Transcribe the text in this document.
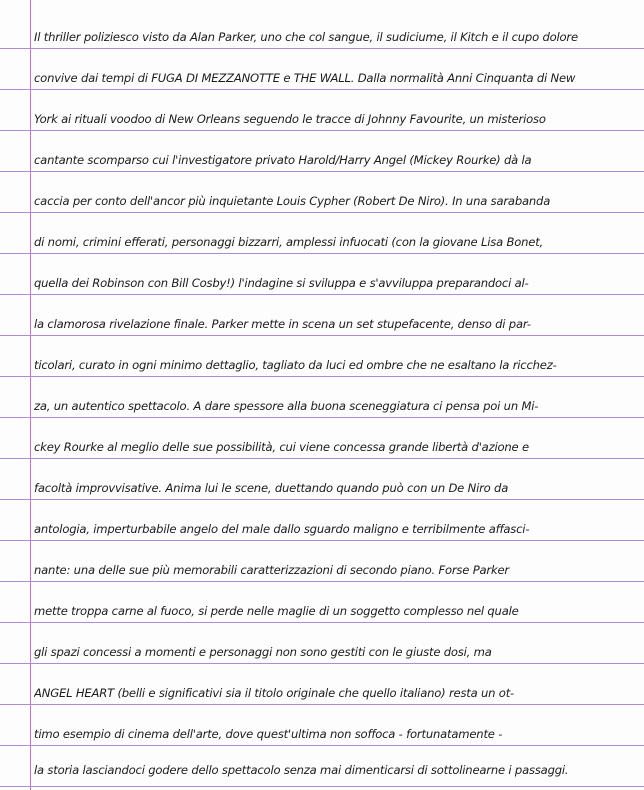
Il thriller poliziesco visto da Alan Parker, uno che col sangue, il sudiciume, il Kitch e il cupo dolore
convive dai tempi di FUGA DI MEZZANOTTE e THE WALL. Dalla normalità Anni Cinquanta di New
York ai rituali voodoo di New Orleans seguendo le tracce di Johnny Favourite, un misterioso
cantante scomparso cui l'investigatore privato Harold/Harry Angel (Mickey Rourke) dà la
caccia per conto dell'ancor più inquietante Louis Cypher (Robert De Niro). In una sarabanda
di nomi, crimini efferati, personaggi bizzarri, amplessi infuocati (con la giovane Lisa Bonet,
quella dei Robinson con Bill Cosby!) l'indagine si sviluppa e s'avviluppa preparandoci al-
la clamorosa rivelazione finale. Parker mette in scena un set stupefacente, denso di par-
ticolari, curato in ogni minimo dettaglio, tagliato da luci ed ombre che ne esaltano la ricchez-
za, un autentico spettacolo. A dare spessore alla buona sceneggiatura ci pensa poi un Mi-
ckey Rourke al meglio delle sue possibilità, cui viene concessa grande libertà d'azione e
facoltà improvvisative. Anima lui le scene, duettando quando può con un De Niro da
antologia, imperturbabile angelo del male dallo sguardo maligno e terribilmente affasci-
nante: una delle sue più memorabili caratterizzazioni di secondo piano. Forse Parker
mette troppa carne al fuoco, si perde nelle maglie di un soggetto complesso nel quale
gli spazi concessi a momenti e personaggi non sono gestiti con le giuste dosi, ma
ANGEL HEART (belli e significativi sia il titolo originale che quello italiano) resta un ot-
timo esempio di cinema dell'arte, dove quest'ultima non soffoca - fortunatamente -
la storia lasciandoci godere dello spettacolo senza mai dimenticarsi di sottolinearne i passaggi.
